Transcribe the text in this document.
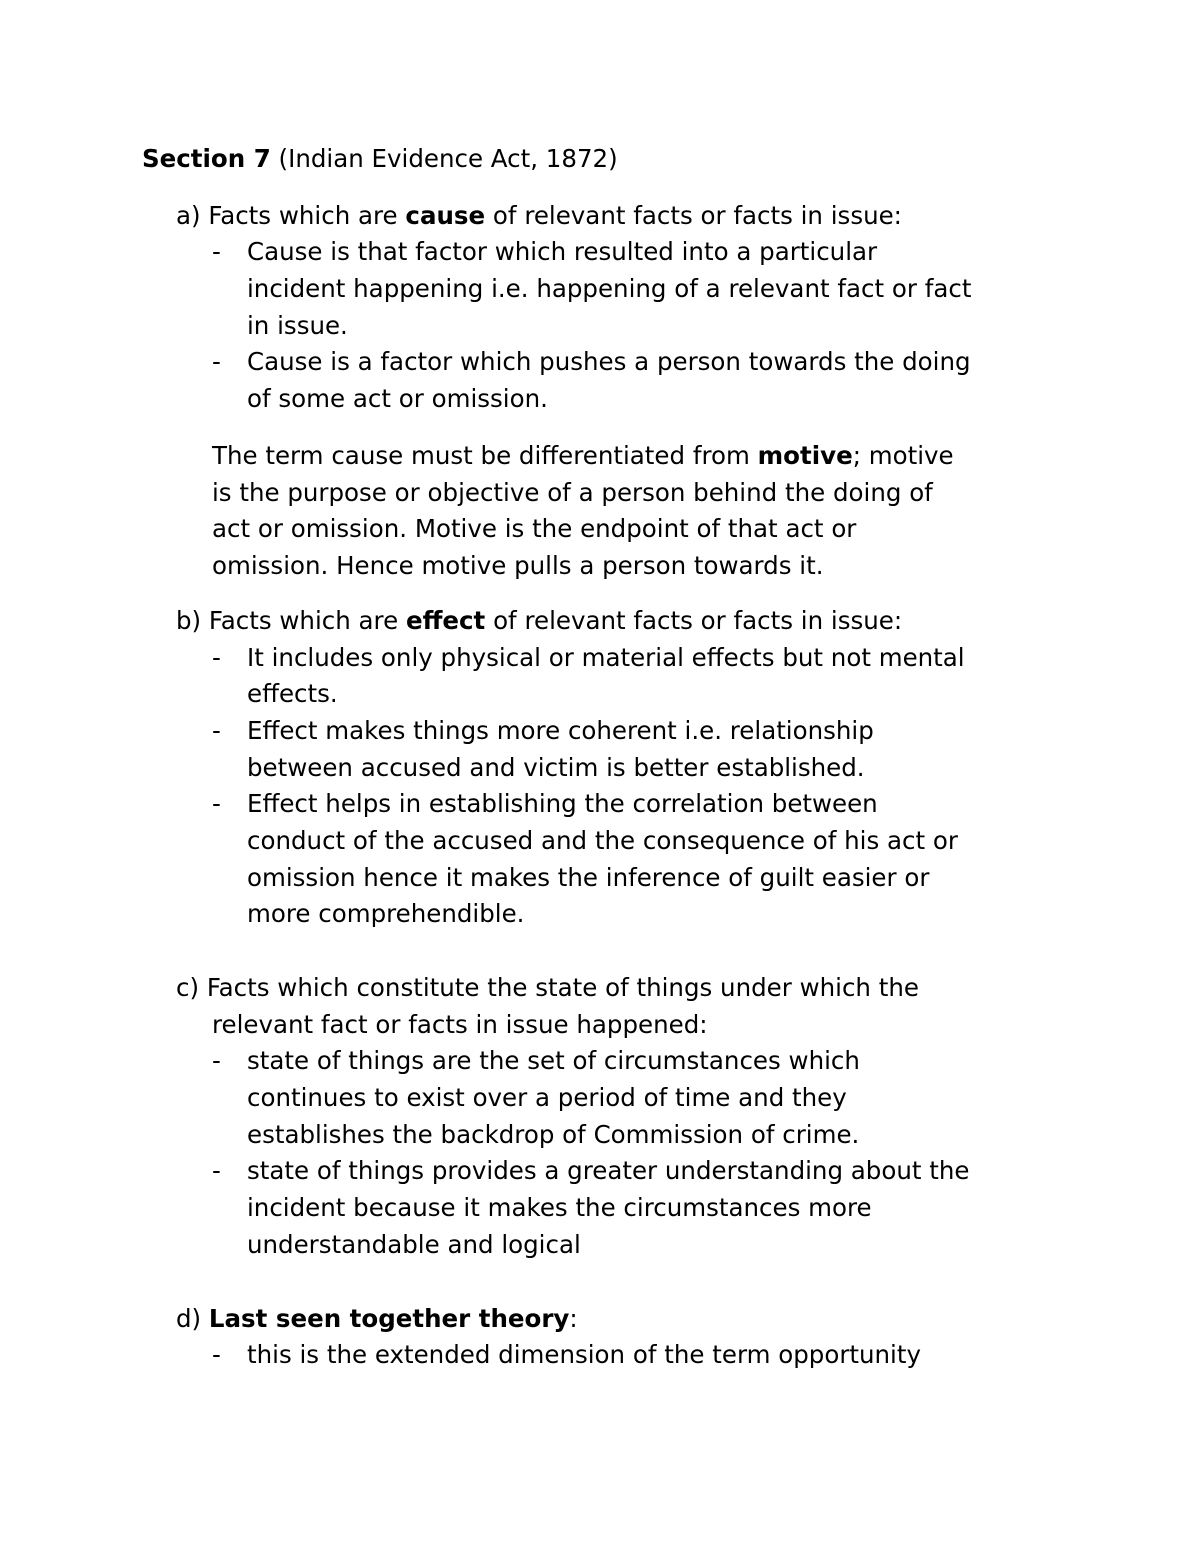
Section 7 (Indian Evidence Act, 1872)
a) Facts which are cause of relevant facts or facts in issue:
- Cause is that factor which resulted into a particular
incident happening i.e. happening of a relevant fact or fact
in issue.
- Cause is a factor which pushes a person towards the doing
of some act or omission.
The term cause must be differentiated from motive; motive
is the purpose or objective of a person behind the doing of
act or omission. Motive is the endpoint of that act or
omission. Hence motive pulls a person towards it.
b) Facts which are effect of relevant facts or facts in issue:
- It includes only physical or material effects but not mental
effects.
- Effect makes things more coherent i.e. relationship
between accused and victim is better established.
- Effect helps in establishing the correlation between
conduct of the accused and the consequence of his act or
omission hence it makes the inference of guilt easier or
more comprehendible.
c) Facts which constitute the state of things under which the
relevant fact or facts in issue happened:
- state of things are the set of circumstances which
continues to exist over a period of time and they
establishes the backdrop of Commission of crime.
- state of things provides a greater understanding about the
incident because it makes the circumstances more
understandable and logical
d) Last seen together theory:
- this is the extended dimension of the term opportunity
